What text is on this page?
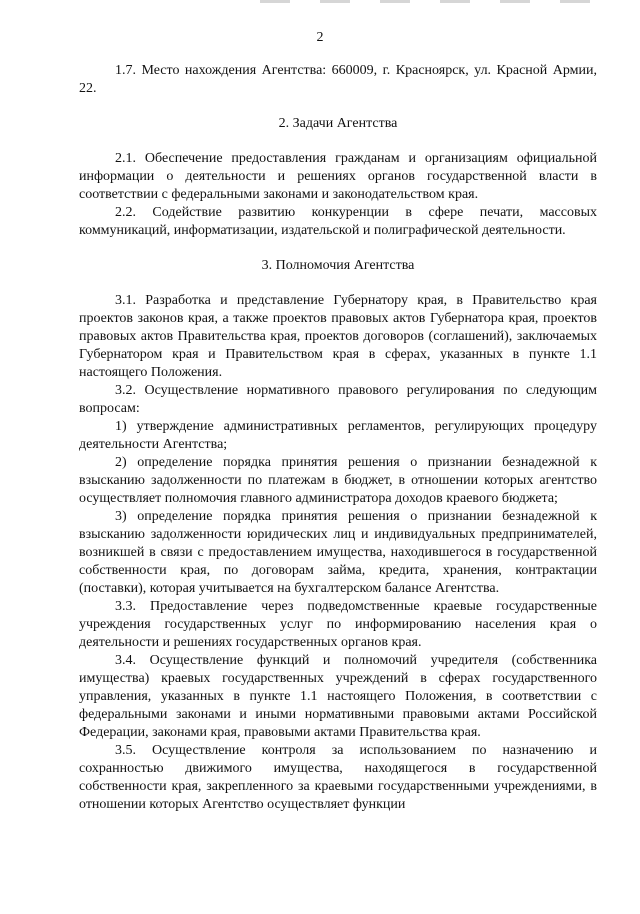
2

1.7. Место нахождения Агентства: 660009, г. Красноярск, ул. Красной Армии, 22.

2. Задачи Агентства

2.1. Обеспечение предоставления гражданам и организациям официальной информации о деятельности и решениях органов государственной власти в соответствии с федеральными законами и законодательством края.

2.2. Содействие развитию конкуренции в сфере печати, массовых коммуникаций, информатизации, издательской и полиграфической деятельности.

3. Полномочия Агентства

3.1. Разработка и представление Губернатору края, в Правительство края проектов законов края, а также проектов правовых актов Губернатора края, проектов правовых актов Правительства края, проектов договоров (соглашений), заключаемых Губернатором края и Правительством края в сферах, указанных в пункте 1.1 настоящего Положения.

3.2. Осуществление нормативного правового регулирования по следующим вопросам:

1) утверждение административных регламентов, регулирующих процедуру деятельности Агентства;

2) определение порядка принятия решения о признании безнадежной к взысканию задолженности по платежам в бюджет, в отношении которых агентство осуществляет полномочия главного администратора доходов краевого бюджета;

3) определение порядка принятия решения о признании безнадежной к взысканию задолженности юридических лиц и индивидуальных предпринимателей, возникшей в связи с предоставлением имущества, находившегося в государственной собственности края, по договорам займа, кредита, хранения, контрактации (поставки), которая учитывается на бухгалтерском балансе Агентства.

3.3. Предоставление через подведомственные краевые государственные учреждения государственных услуг по информированию населения края о деятельности и решениях государственных органов края.

3.4. Осуществление функций и полномочий учредителя (собственника имущества) краевых государственных учреждений в сферах государственного управления, указанных в пункте 1.1 настоящего Положения, в соответствии с федеральными законами и иными нормативными правовыми актами Российской Федерации, законами края, правовыми актами Правительства края.

3.5. Осуществление контроля за использованием по назначению и сохранностью движимого имущества, находящегося в государственной собственности края, закрепленного за краевыми государственными учреждениями, в отношении которых Агентство осуществляет функции
